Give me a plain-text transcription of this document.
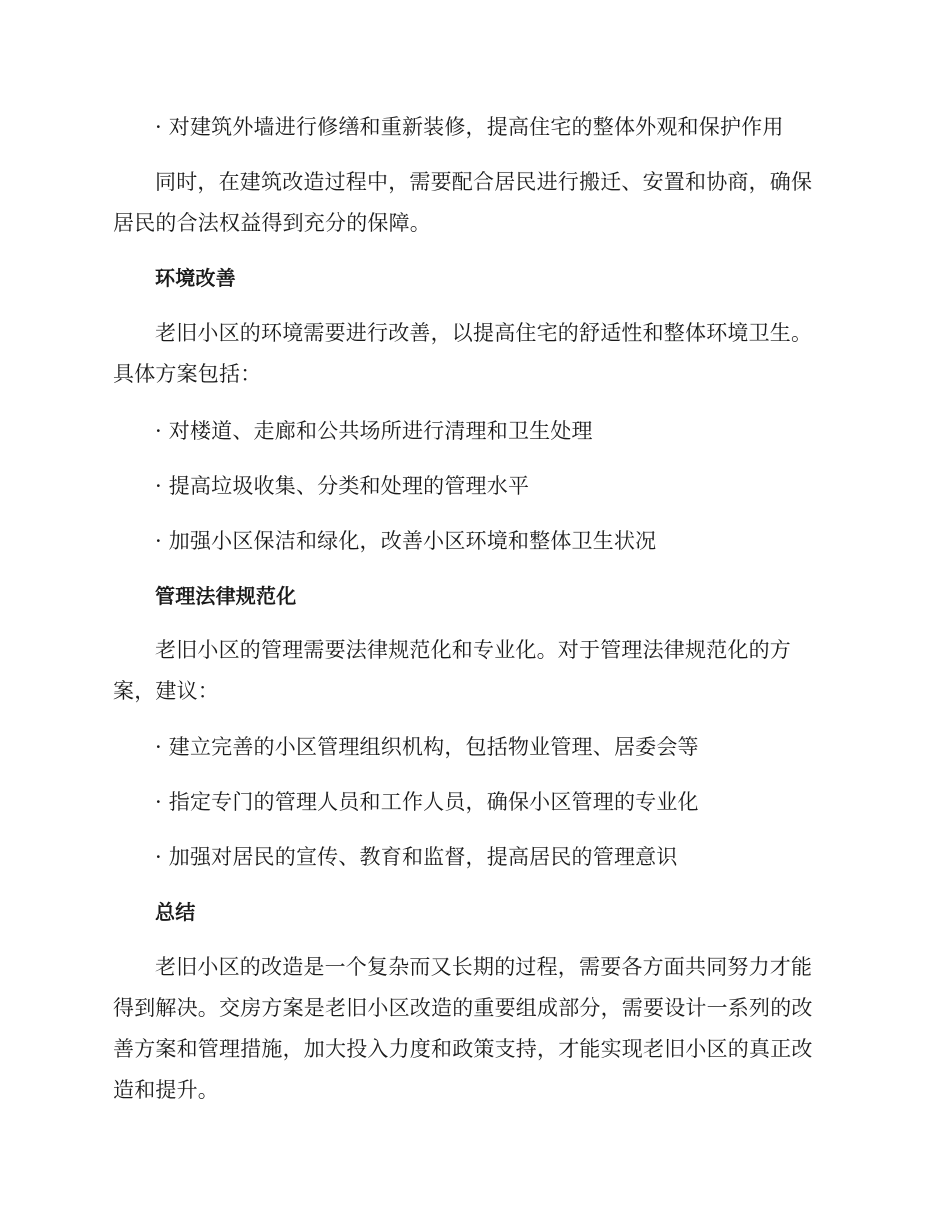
· 对建筑外墙进行修缮和重新装修，提高住宅的整体外观和保护作用
同时，在建筑改造过程中，需要配合居民进行搬迁、安置和协商，确保
居民的合法权益得到充分的保障。
环境改善
老旧小区的环境需要进行改善，以提高住宅的舒适性和整体环境卫生。
具体方案包括：
· 对楼道、走廊和公共场所进行清理和卫生处理
· 提高垃圾收集、分类和处理的管理水平
· 加强小区保洁和绿化，改善小区环境和整体卫生状况
管理法律规范化
老旧小区的管理需要法律规范化和专业化。对于管理法律规范化的方
案，建议：
· 建立完善的小区管理组织机构，包括物业管理、居委会等
· 指定专门的管理人员和工作人员，确保小区管理的专业化
· 加强对居民的宣传、教育和监督，提高居民的管理意识
总结
老旧小区的改造是一个复杂而又长期的过程，需要各方面共同努力才能
得到解决。交房方案是老旧小区改造的重要组成部分，需要设计一系列的改
善方案和管理措施，加大投入力度和政策支持，才能实现老旧小区的真正改
造和提升。
